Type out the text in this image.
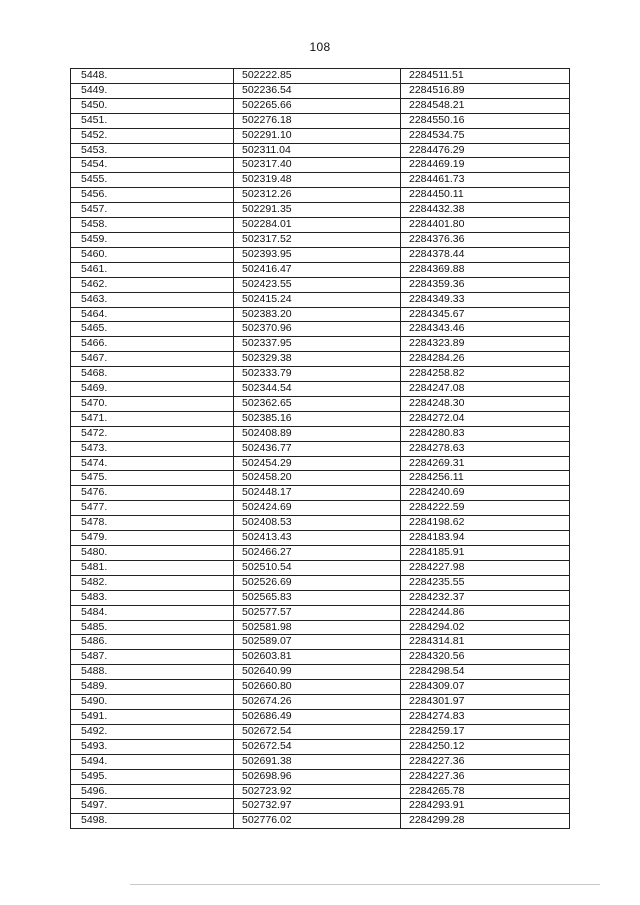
108
5448.	502222.85	2284511.51
5449.	502236.54	2284516.89
5450.	502265.66	2284548.21
5451.	502276.18	2284550.16
5452.	502291.10	2284534.75
5453.	502311.04	2284476.29
5454.	502317.40	2284469.19
5455.	502319.48	2284461.73
5456.	502312.26	2284450.11
5457.	502291.35	2284432.38
5458.	502284.01	2284401.80
5459.	502317.52	2284376.36
5460.	502393.95	2284378.44
5461.	502416.47	2284369.88
5462.	502423.55	2284359.36
5463.	502415.24	2284349.33
5464.	502383.20	2284345.67
5465.	502370.96	2284343.46
5466.	502337.95	2284323.89
5467.	502329.38	2284284.26
5468.	502333.79	2284258.82
5469.	502344.54	2284247.08
5470.	502362.65	2284248.30
5471.	502385.16	2284272.04
5472.	502408.89	2284280.83
5473.	502436.77	2284278.63
5474.	502454.29	2284269.31
5475.	502458.20	2284256.11
5476.	502448.17	2284240.69
5477.	502424.69	2284222.59
5478.	502408.53	2284198.62
5479.	502413.43	2284183.94
5480.	502466.27	2284185.91
5481.	502510.54	2284227.98
5482.	502526.69	2284235.55
5483.	502565.83	2284232.37
5484.	502577.57	2284244.86
5485.	502581.98	2284294.02
5486.	502589.07	2284314.81
5487.	502603.81	2284320.56
5488.	502640.99	2284298.54
5489.	502660.80	2284309.07
5490.	502674.26	2284301.97
5491.	502686.49	2284274.83
5492.	502672.54	2284259.17
5493.	502672.54	2284250.12
5494.	502691.38	2284227.36
5495.	502698.96	2284227.36
5496.	502723.92	2284265.78
5497.	502732.97	2284293.91
5498.	502776.02	2284299.28
